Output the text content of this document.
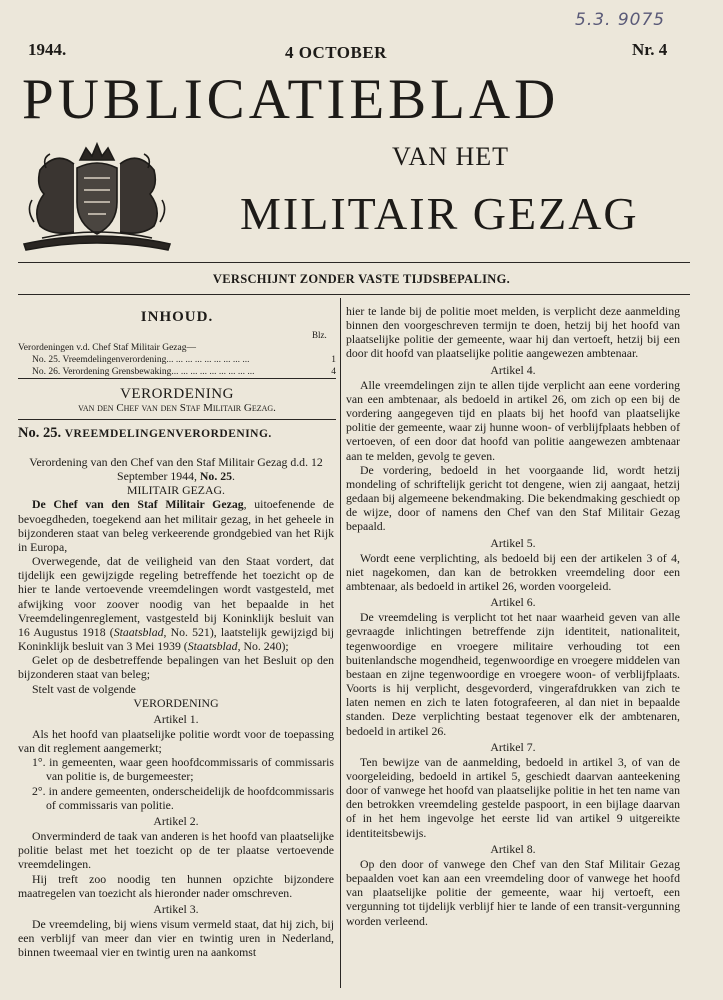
5.3. 9075
1944.	4 OCTOBER	Nr. 4
PUBLICATIEBLAD
VAN HET
MILITAIR GEZAG
VERSCHIJNT ZONDER VASTE TIJDSBEPALING.
INHOUD.
Blz.
Verordeningen v.d. Chef Staf Militair Gezag—
No. 25. Vreemdelingenverordening ... ... ... ... ... ... ... ... ...	1
No. 26. Verordening Grensbewaking ... ... ... ... ... ... ... ... ...	4
VERORDENING
van den Chef van den Staf Militair Gezag.
No. 25. VREEMDELINGENVERORDENING.

Verordening van den Chef van den Staf Militair Gezag d.d. 12 September 1944, No. 25.

MILITAIR GEZAG.

De Chef van den Staf Militair Gezag, uitoefenende de bevoegdheden, toegekend aan het militair gezag, in het geheele in bijzonderen staat van beleg verkeerende grondgebied van het Rijk in Europa,

Overwegende, dat de veiligheid van den Staat vordert, dat tijdelijk een gewijzigde regeling betreffende het toezicht op de hier te lande vertoevende vreemdelingen wordt vastgesteld, met afwijking voor zoover noodig van het bepaalde in het Vreemdelingenreglement, vastgesteld bij Koninklijk besluit van 16 Augustus 1918 (Staatsblad, No. 521), laatstelijk gewijzigd bij Koninklijk besluit van 3 Mei 1939 (Staatsblad, No. 240);

Gelet op de desbetreffende bepalingen van het Besluit op den bijzonderen staat van beleg;

Stelt vast de volgende

VERORDENING

Artikel 1.

Als het hoofd van plaatselijke politie wordt voor de toepassing van dit reglement aangemerkt;

1°. in gemeenten, waar geen hoofdcommissaris of commissaris van politie is, de burgemeester;

2°. in andere gemeenten, onderscheidelijk de hoofdcommissaris of commissaris van politie.

Artikel 2.

Onverminderd de taak van anderen is het hoofd van plaatselijke politie belast met het toezicht op de ter plaatse vertoevende vreemdelingen.

Hij treft zoo noodig ten hunnen opzichte bijzondere maatregelen van toezicht als hieronder nader omschreven.

Artikel 3.

De vreemdeling, bij wiens visum vermeld staat, dat hij zich, bij een verblijf van meer dan vier en twintig uren in Nederland, binnen tweemaal vier en twintig uren na aankomst

hier te lande bij de politie moet melden, is verplicht deze aanmelding binnen den voorgeschreven termijn te doen, hetzij bij het hoofd van plaatselijke politie der gemeente, waar hij dan vertoeft, hetzij bij een door dit hoofd van plaatselijke politie aangewezen ambtenaar.

Artikel 4.

Alle vreemdelingen zijn te allen tijde verplicht aan eene vordering van een ambtenaar, als bedoeld in artikel 26, om zich op een bij de vordering aangegeven tijd en plaats bij het hoofd van plaatselijke politie der gemeente, waar zij hunne woon- of verblijfplaats hebben of vertoeven, of een door dat hoofd van politie aangewezen ambtenaar aan te melden, gevolg te geven.

De vordering, bedoeld in het voorgaande lid, wordt hetzij mondeling of schriftelijk gericht tot dengene, wien zij aangaat, hetzij gedaan bij algemeene bekendmaking. Die bekendmaking geschiedt op de wijze, door of namens den Chef van den Staf Militair Gezag bepaald.

Artikel 5.

Wordt eene verplichting, als bedoeld bij een der artikelen 3 of 4, niet nagekomen, dan kan de betrokken vreemdeling door een ambtenaar, als bedoeld in artikel 26, worden voorgeleid.

Artikel 6.

De vreemdeling is verplicht tot het naar waarheid geven van alle gevraagde inlichtingen betreffende zijn identiteit, nationaliteit, tegenwoordige en vroegere militaire verhouding tot een buitenlandsche mogendheid, tegenwoordige en vroegere middelen van bestaan en zijne tegenwoordige en vroegere woon- of verblijfplaats. Voorts is hij verplicht, desgevorderd, vingerafdrukken van zich te laten nemen en zich te laten fotografeeren, al dan niet in bepaalde standen. Deze verplichting bestaat tegenover elk der ambtenaren, bedoeld in artikel 26.

Artikel 7.

Ten bewijze van de aanmelding, bedoeld in artikel 3, of van de voorgeleiding, bedoeld in artikel 5, geschiedt daarvan aanteekening door of vanwege het hoofd van plaatselijke politie in het ten name van den betrokken vreemdeling gestelde paspoort, in een bijlage daarvan of in het hem ingevolge het eerste lid van artikel 9 uitgereikte identiteitsbewijs.

Artikel 8.

Op den door of vanwege den Chef van den Staf Militair Gezag bepaalden voet kan aan een vreemdeling door of vanwege het hoofd van plaatselijke politie der gemeente, waar hij vertoeft, een vergunning tot tijdelijk verblijf hier te lande of een transit-vergunning worden verleend.
